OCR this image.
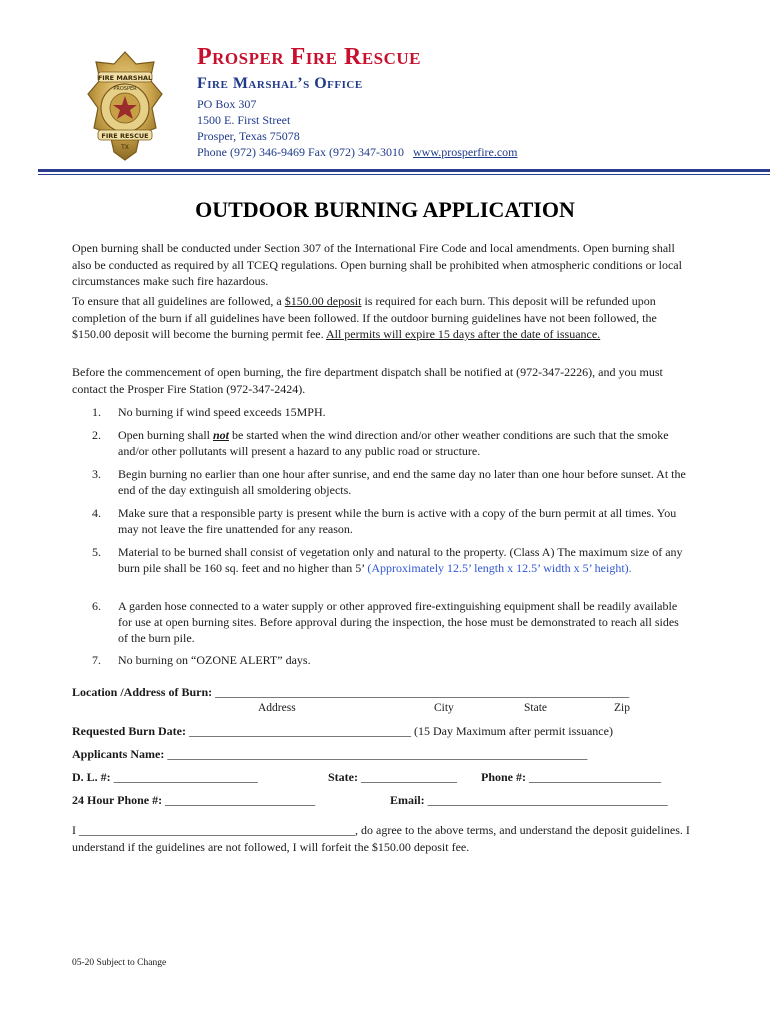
FIRE MARSHAL
PROSPER
FIRE RESCUE
TX
Prosper Fire Rescue
Fire Marshal’s Office
PO Box 307
1500 E. First Street
Prosper, Texas 75078
Phone (972) 346-9469 Fax (972) 347-3010 www.prosperfire.com
OUTDOOR BURNING APPLICATION
Open burning shall be conducted under Section 307 of the International Fire Code and local amendments. Open burning shall also be conducted as required by all TCEQ regulations. Open burning shall be prohibited when atmospheric conditions or local circumstances make such fire hazardous.
To ensure that all guidelines are followed, a $150.00 deposit is required for each burn. This deposit will be refunded upon completion of the burn if all guidelines have been followed. If the outdoor burning guidelines have not been followed, the $150.00 deposit will become the burning permit fee. All permits will expire 15 days after the date of issuance.
Before the commencement of open burning, the fire department dispatch shall be notified at (972-347-2226), and you must contact the Prosper Fire Station (972-347-2424).
1. No burning if wind speed exceeds 15MPH.
2. Open burning shall not be started when the wind direction and/or other weather conditions are such that the smoke and/or other pollutants will present a hazard to any public road or structure.
3. Begin burning no earlier than one hour after sunrise, and end the same day no later than one hour before sunset. At the end of the day extinguish all smoldering objects.
4. Make sure that a responsible party is present while the burn is active with a copy of the burn permit at all times. You may not leave the fire unattended for any reason.
5. Material to be burned shall consist of vegetation only and natural to the property. (Class A) The maximum size of any burn pile shall be 160 sq. feet and no higher than 5’ (Approximately 12.5’ length x 12.5’ width x 5’ height).
6. A garden hose connected to a water supply or other approved fire-extinguishing equipment shall be readily available for use at open burning sites. Before approval during the inspection, the hose must be demonstrated to reach all sides of the burn pile.
7. No burning on “OZONE ALERT” days.
Location /Address of Burn: _____________________________________________________________________
Address	City	State	Zip
Requested Burn Date: _____________________________________ (15 Day Maximum after permit issuance)
Applicants Name: ______________________________________________________________________
D. L. #: ________________________	State: ________________ Phone #: ______________________
24 Hour Phone #: _________________________	Email: ________________________________________
I ______________________________________________, do agree to the above terms, and understand the deposit guidelines. I understand if the guidelines are not followed, I will forfeit the $150.00 deposit fee.
05-20 Subject to Change
